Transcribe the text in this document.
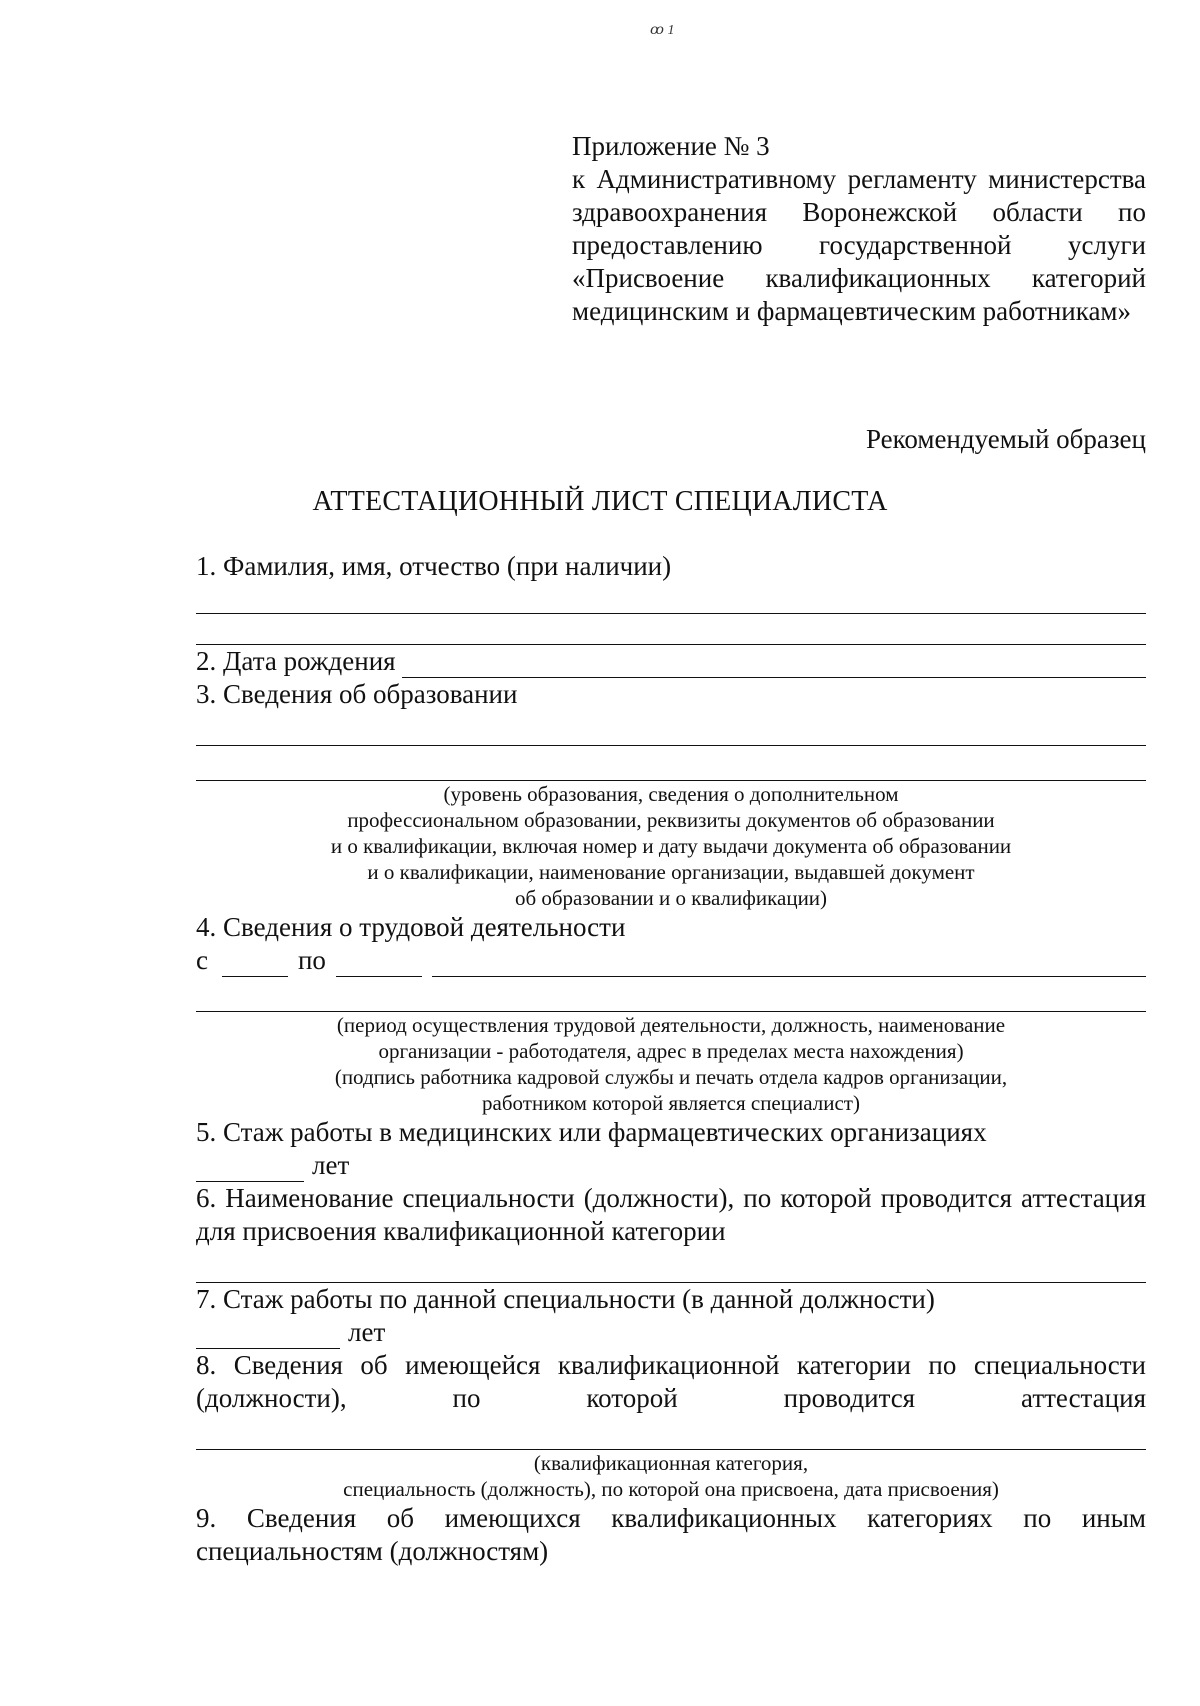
ꝏ 1
Приложение № 3
к Административному регламенту министерства здравоохранения Воронежской области по предоставлению государственной услуги «Присвоение квалификационных категорий медицинским и фармацевтическим работникам»
Рекомендуемый образец
АТТЕСТАЦИОННЫЙ ЛИСТ СПЕЦИАЛИСТА
1. Фамилия, имя, отчество (при наличии)
2. Дата рождения
3. Сведения об образовании
(уровень образования, сведения о дополнительном
профессиональном образовании, реквизиты документов об образовании
и о квалификации, включая номер и дату выдачи документа об образовании
и о квалификации, наименование организации, выдавшей документ
об образовании и о квалификации)
4. Сведения о трудовой деятельности
с	по
(период осуществления трудовой деятельности, должность, наименование
организации - работодателя, адрес в пределах места нахождения)
(подпись работника кадровой службы и печать отдела кадров организации,
работником которой является специалист)
5. Стаж работы в медицинских или фармацевтических организациях
лет
6. Наименование специальности (должности), по которой проводится аттестация для присвоения квалификационной категории
7. Стаж работы по данной специальности (в данной должности)
лет
8. Сведения об имеющейся квалификационной категории по специальности (должности), по которой проводится аттестация
(квалификационная категория,
специальность (должность), по которой она присвоена, дата присвоения)
9. Сведения об имеющихся квалификационных категориях по иным специальностям (должностям)
